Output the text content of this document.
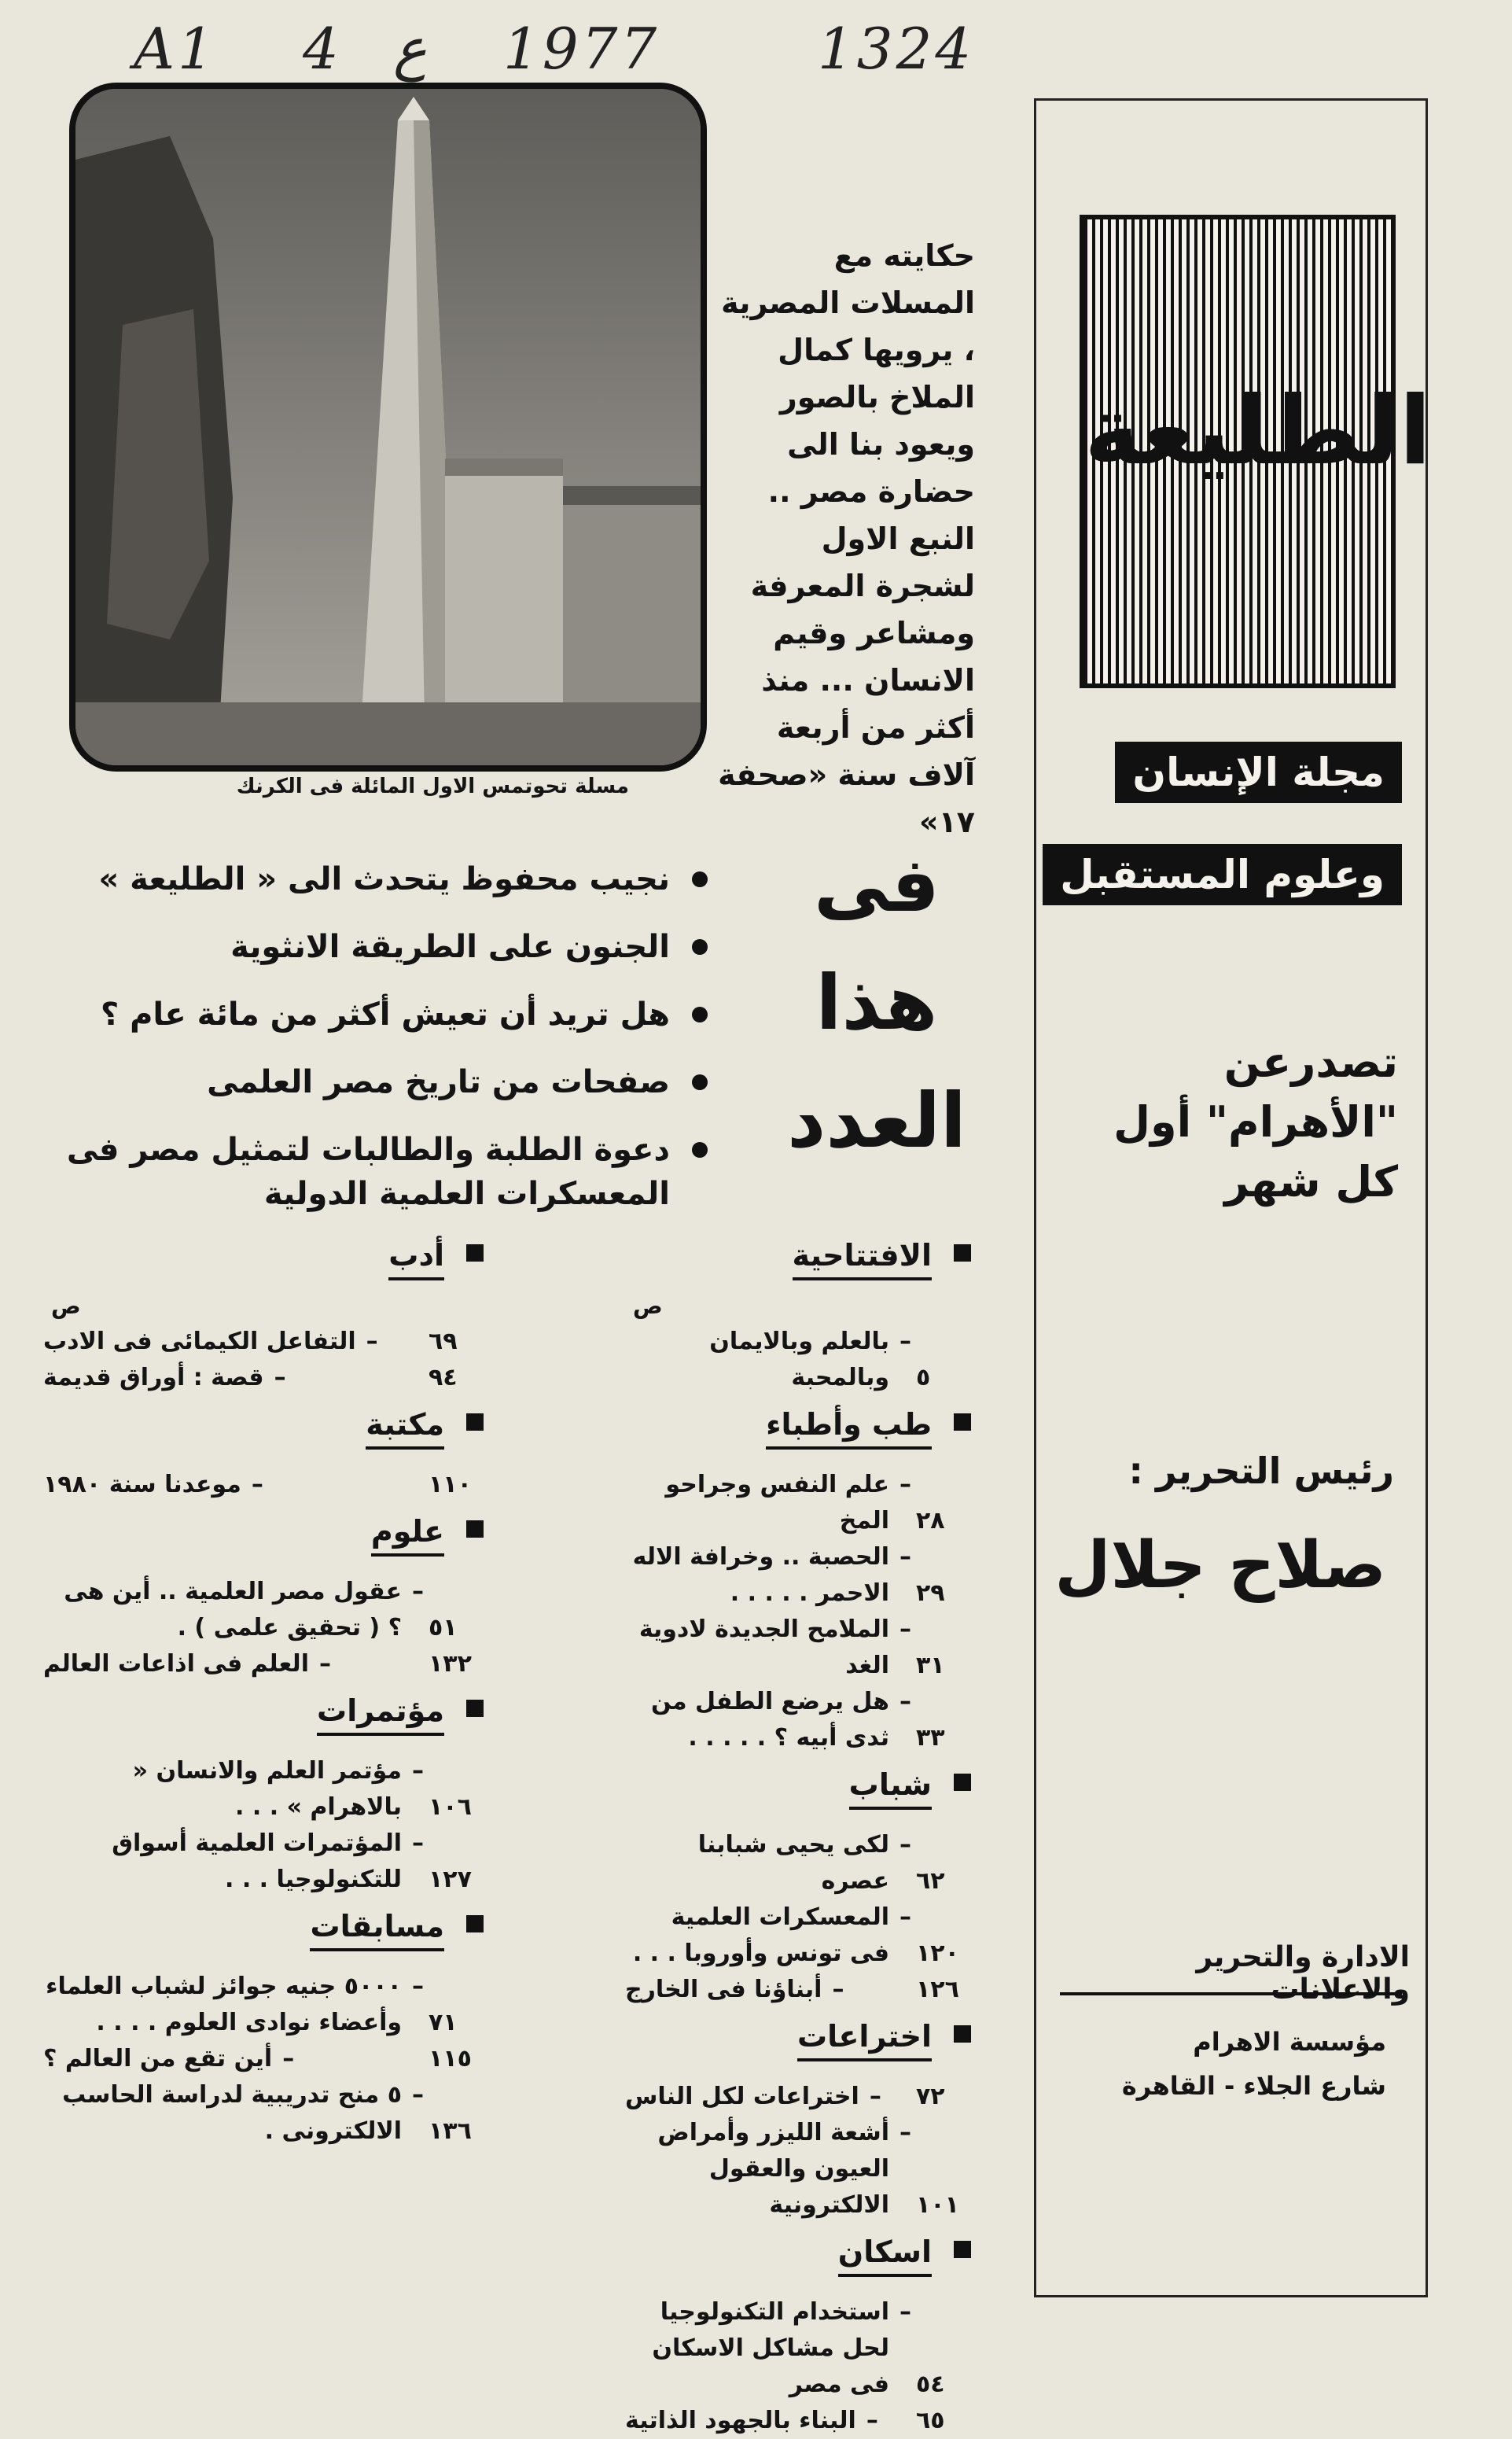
A1 4 ع 1977	1324
مسلة تحوتمس الاول المائلة فى الكرنك
حكايته مع المسلات المصرية ، يرويها كمال الملاخ بالصور ويعود بنا الى حضارة مصر .. النبع الاول لشجرة المعرفة ومشاعر وقيم الانسان ... منذ أكثر من أربعة آلاف سنة «صحفة ١٧»
الطليعة
مجلة الإنسان
وعلوم المستقبل
تصدرعن "الأهرام" أول كل شهر
رئيس التحرير :
صلاح جلال
الادارة والتحرير والاعلانات
مؤسسة الاهرام
شارع الجلاء - القاهرة
فى
هذا
العدد
نجيب محفوظ يتحدث الى « الطليعة »
الجنون على الطريقة الانثوية
هل تريد أن تعيش أكثر من مائة عام ؟
صفحات من تاريخ مصر العلمى
دعوة الطلبة والطالبات لتمثيل مصر فى المعسكرات العلمية الدولية
الافتتاحية
ص
– بالعلم وبالايمان وبالمحبة	٥
طب وأطباء
– علم النفس وجراحو المخ	٢٨
– الحصبة .. وخرافة الاله الاحمر . . . . .	٢٩
– الملامح الجديدة لادوية الغد	٣١
– هل يرضع الطفل من ثدى أبيه ؟ . . . . .	٣٣
شباب
– لكى يحيى شبابنا عصره	٦٢
– المعسكرات العلمية فى تونس وأوروبا . . .	١٢٠
– أبناؤنا فى الخارج	١٢٦
اختراعات
– اختراعات لكل الناس	٧٢
– أشعة الليزر وأمراض العيون والعقول الالكترونية	١٠١
اسكان
– استخدام التكنولوجيا لحل مشاكل الاسكان فى مصر	٥٤
– البناء بالجهود الذاتية	٦٥
أدب
ص
– التفاعل الكيمائى فى الادب	٦٩
– قصة : أوراق قديمة	٩٤
مكتبة
– موعدنا سنة ١٩٨٠	١١٠
علوم
– عقول مصر العلمية .. أين هى ؟ ( تحقيق علمى ) .	٥١
– العلم فى اذاعات العالم	١٣٢
مؤتمرات
– مؤتمر العلم والانسان « بالاهرام » . . .	١٠٦
– المؤتمرات العلمية أسواق للتكنولوجيا . . .	١٢٧
مسابقات
– ٥٠٠٠ جنيه جوائز لشباب العلماء وأعضاء نوادى العلوم . . . .	٧١
– أين تقع من العالم ؟	١١٥
– ٥ منح تدريبية لدراسة الحاسب الالكترونى .	١٣٦
